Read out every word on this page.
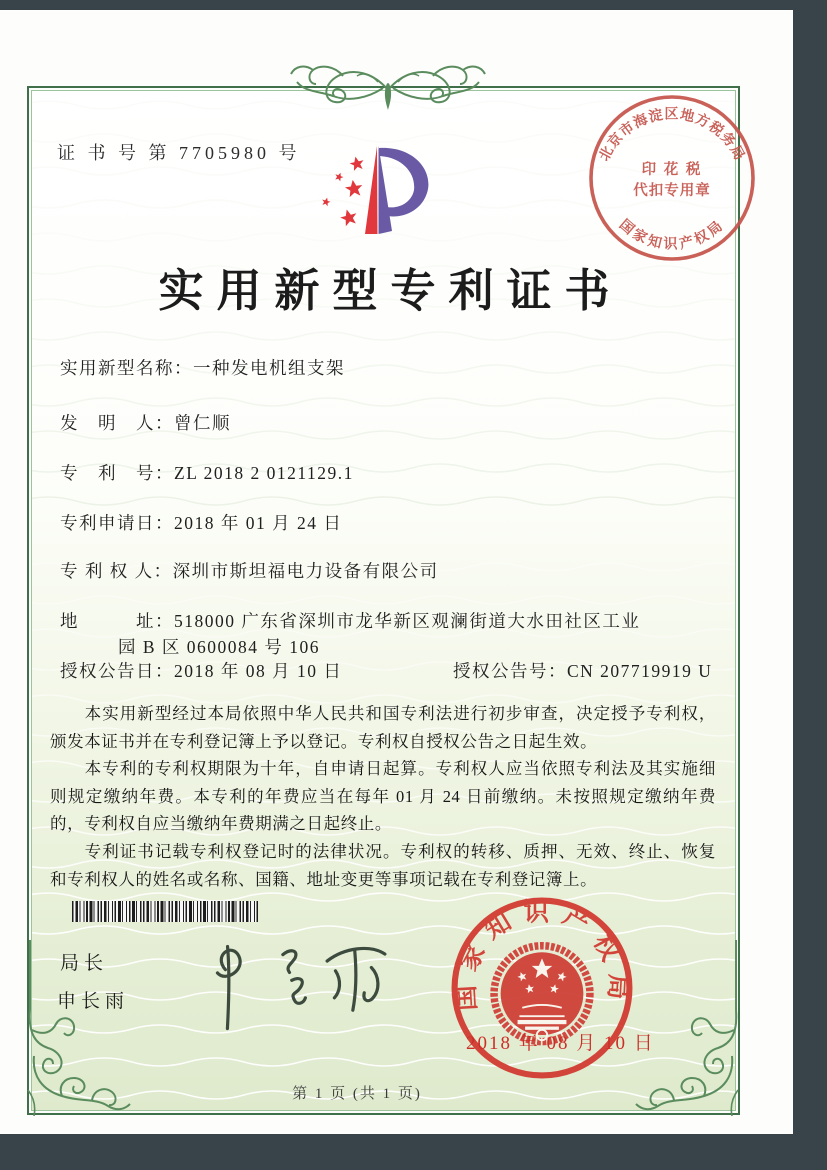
证 书 号 第 7705980 号	北京市海淀区地方税务局
国家知识产权局
印 花 税
代扣专用章
实用新型专利证书
实用新型名称：一种发电机组支架
发　明　人：曾仁顺
专　利　号：ZL 2018 2 0121129.1
专利申请日：2018 年 01 月 24 日
专 利 权 人：深圳市斯坦福电力设备有限公司
地　　　址：518000 广东省深圳市龙华新区观澜街道大水田社区工业
园 B 区 0600084 号 106
授权公告日：2018 年 08 月 10 日	授权公告号：CN 207719919 U

本实用新型经过本局依照中华人民共和国专利法进行初步审查，决定授予专利权，颁发本证书并在专利登记簿上予以登记。专利权自授权公告之日起生效。

本专利的专利权期限为十年，自申请日起算。专利权人应当依照专利法及其实施细则规定缴纳年费。本专利的年费应当在每年 01 月 24 日前缴纳。未按照规定缴纳年费的，专利权自应当缴纳年费期满之日起终止。

专利证书记载专利权登记时的法律状况。专利权的转移、质押、无效、终止、恢复和专利权人的姓名或名称、国籍、地址变更等事项记载在专利登记簿上。

局长
申长雨	国家知识产权局
2018 年 08 月 10 日
第 1 页 (共 1 页)
